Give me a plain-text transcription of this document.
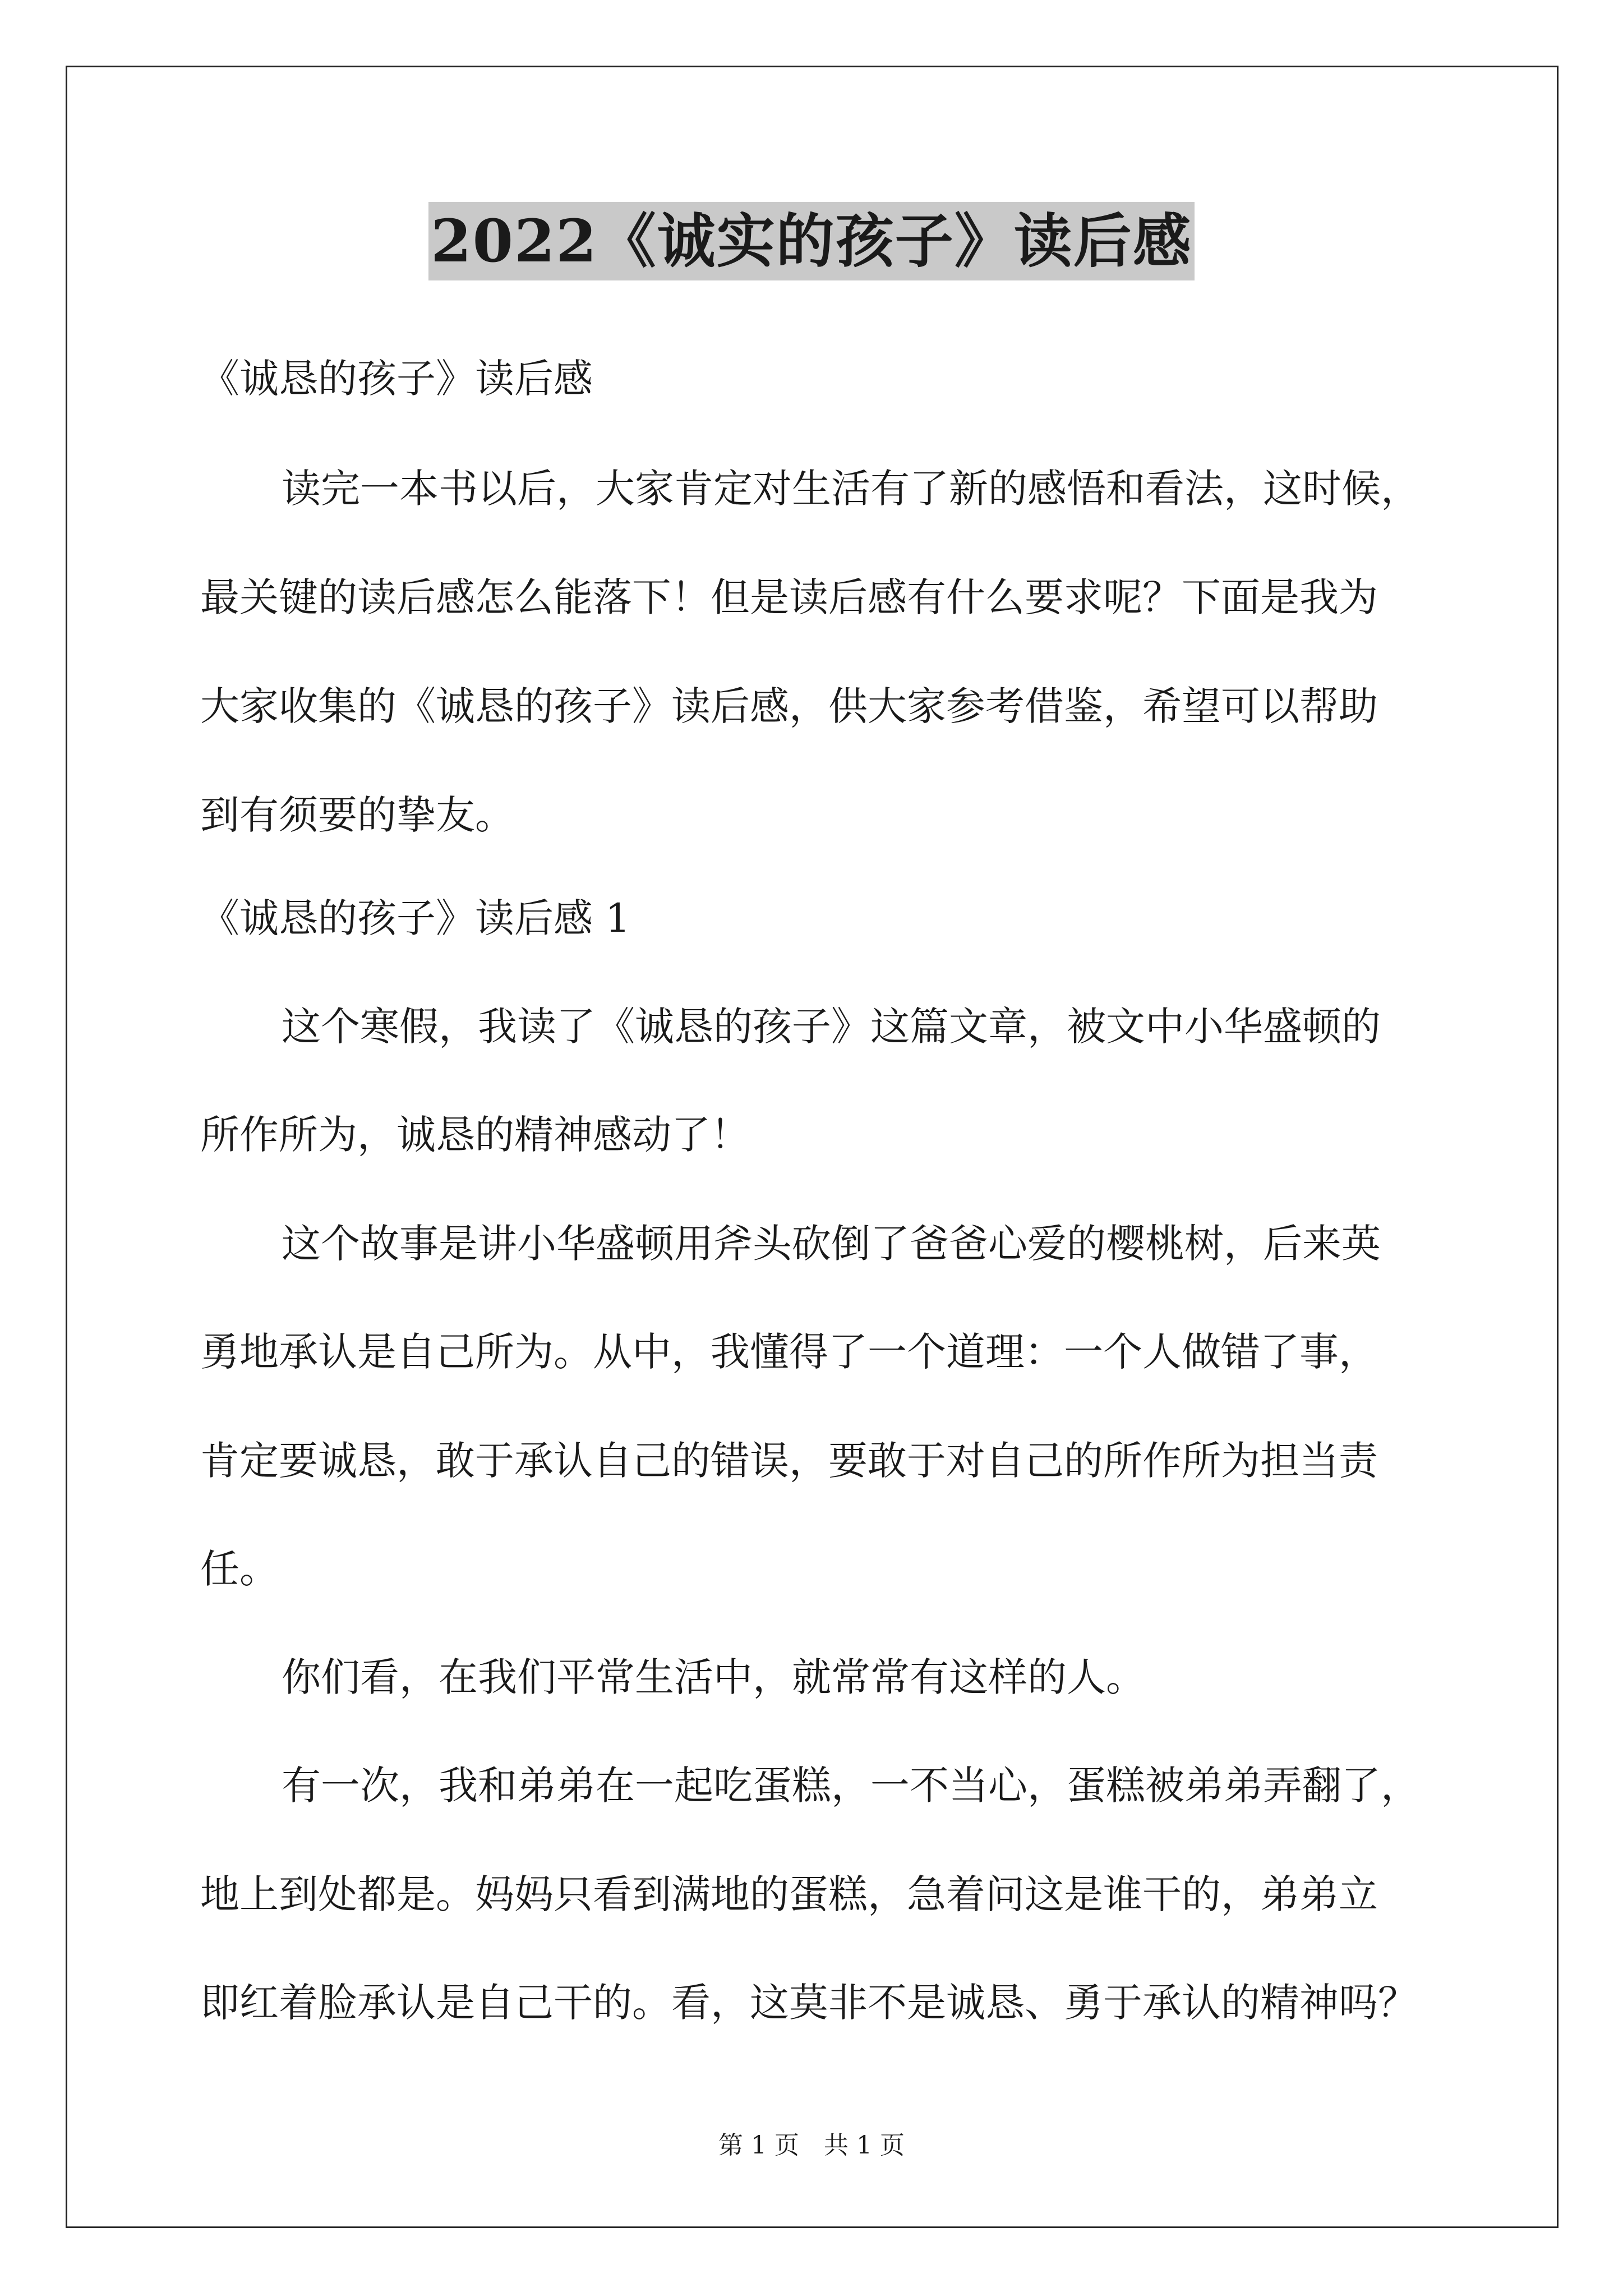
2022《诚实的孩子》读后感
《诚恳的孩子》读后感
读完一本书以后，大家肯定对生活有了新的感悟和看法，这时候，
最关键的读后感怎么能落下！但是读后感有什么要求呢？下面是我为
大家收集的《诚恳的孩子》读后感，供大家参考借鉴，希望可以帮助
到有须要的挚友。
《诚恳的孩子》读后感 1
这个寒假，我读了《诚恳的孩子》这篇文章，被文中小华盛顿的
所作所为，诚恳的精神感动了！
这个故事是讲小华盛顿用斧头砍倒了爸爸心爱的樱桃树，后来英
勇地承认是自己所为。从中，我懂得了一个道理：一个人做错了事，
肯定要诚恳，敢于承认自己的错误，要敢于对自己的所作所为担当责
任。
你们看，在我们平常生活中，就常常有这样的人。
有一次，我和弟弟在一起吃蛋糕，一不当心，蛋糕被弟弟弄翻了，
地上到处都是。妈妈只看到满地的蛋糕，急着问这是谁干的，弟弟立
即红着脸承认是自己干的。看，这莫非不是诚恳、勇于承认的精神吗？
第 1 页　共 1 页
